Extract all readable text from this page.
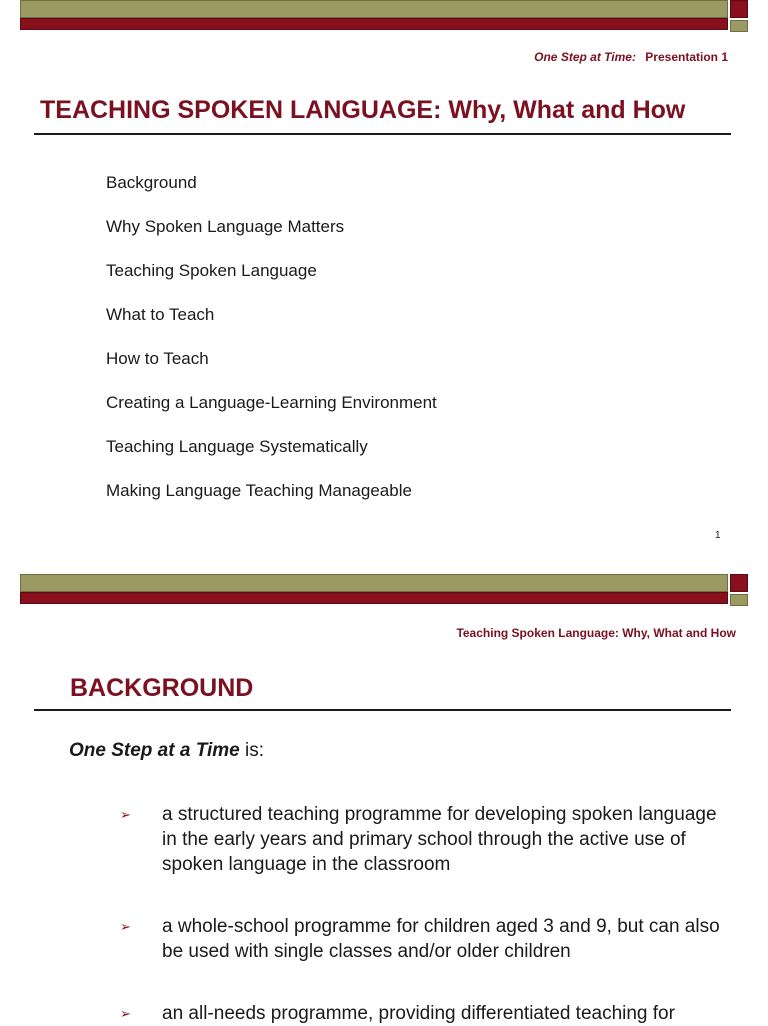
One Step at Time: Presentation 1
TEACHING SPOKEN LANGUAGE: Why, What and How
Background
Why Spoken Language Matters
Teaching Spoken Language
What to Teach
How to Teach
Creating a Language-Learning Environment
Teaching Language Systematically
Making Language Teaching Manageable
1
Teaching Spoken Language: Why, What and How
BACKGROUND
One Step at a Time is:
➢ a structured teaching programme for developing spoken language in the early years and primary school through the active use of spoken language in the classroom
➢ a whole-school programme for children aged 3 and 9, but can also be used with single classes and/or older children
➢ an all-needs programme, providing differentiated teaching for
